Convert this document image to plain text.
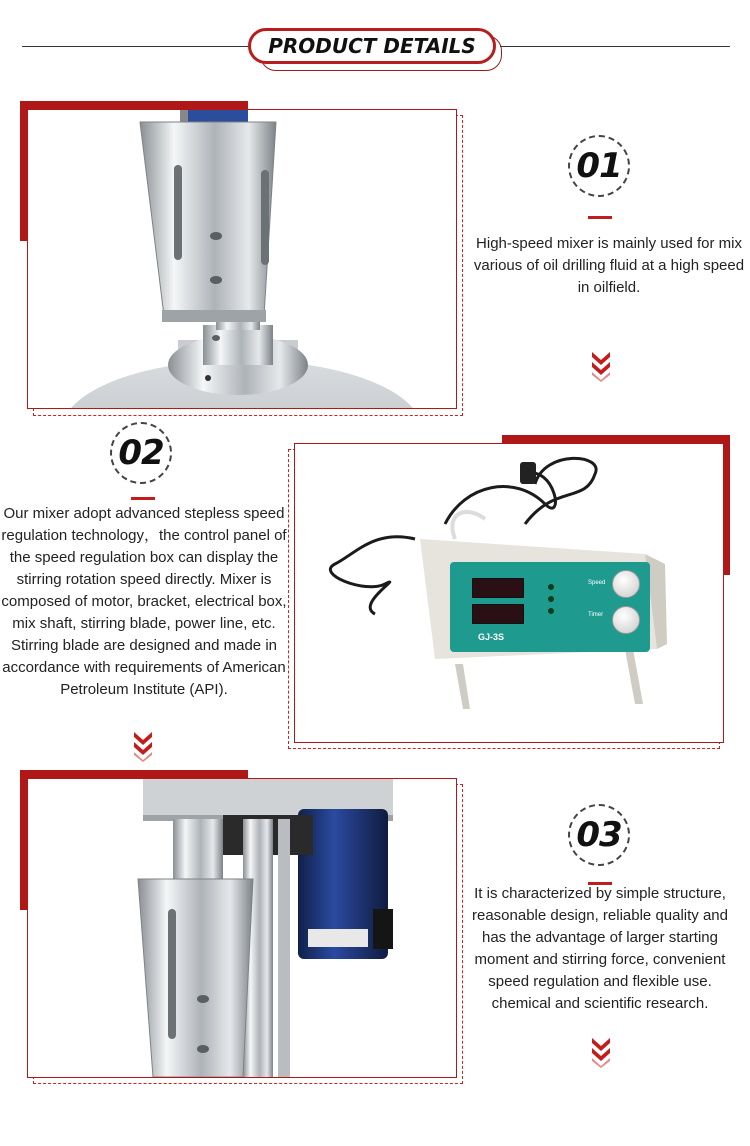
PRODUCT DETAILS
01
High-speed mixer is mainly used for mix various of oil drilling fluid at a high speed in oilfield.
02
Our mixer adopt advanced stepless speed regulation technology，the control panel of the speed regulation box can display the stirring rotation speed directly. Mixer is composed of motor, bracket, electrical box, mix shaft, stirring blade, power line, etc. Stirring blade are designed and made in accordance with requirements of American Petroleum Institute (API).
Speed
Timer
GJ-3S
03
It is characterized by simple structure, reasonable design, reliable quality and has the advantage of larger starting moment and stirring force, convenient speed regulation and flexible use. chemical and scientific research.
